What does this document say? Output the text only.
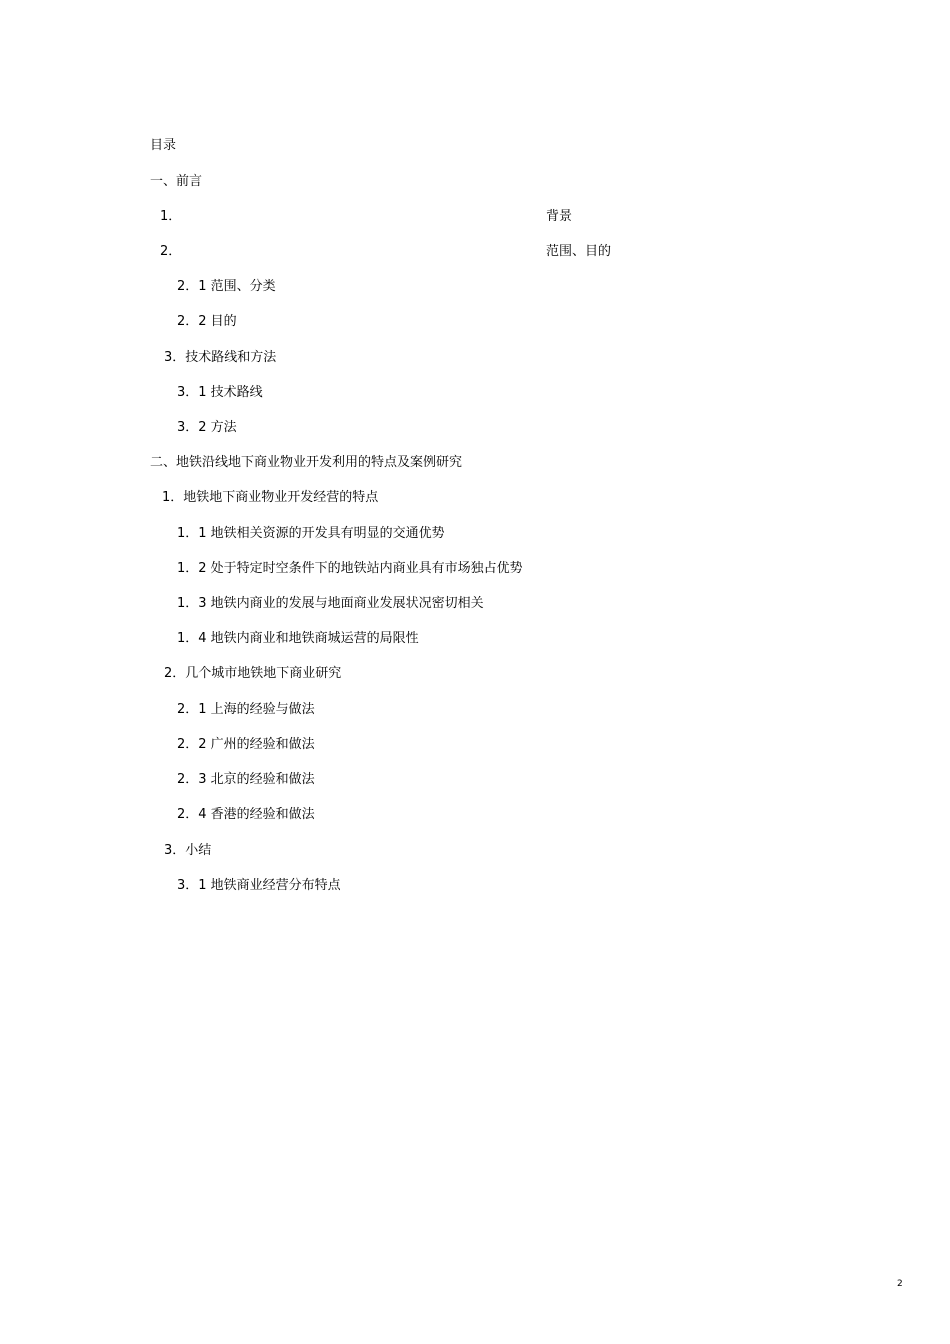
目录
一、前言
1．	背景
2．	范围、目的
2．1 范围、分类
2．2 目的
3．技术路线和方法
3．1 技术路线
3．2 方法
二、地铁沿线地下商业物业开发利用的特点及案例研究
1．地铁地下商业物业开发经营的特点
1．1 地铁相关资源的开发具有明显的交通优势
1．2 处于特定时空条件下的地铁站内商业具有市场独占优势
1．3 地铁内商业的发展与地面商业发展状况密切相关
1．4 地铁内商业和地铁商城运营的局限性
2．几个城市地铁地下商业研究
2．1 上海的经验与做法
2．2 广州的经验和做法
2．3 北京的经验和做法
2．4 香港的经验和做法
3．小结
3．1 地铁商业经营分布特点
2
